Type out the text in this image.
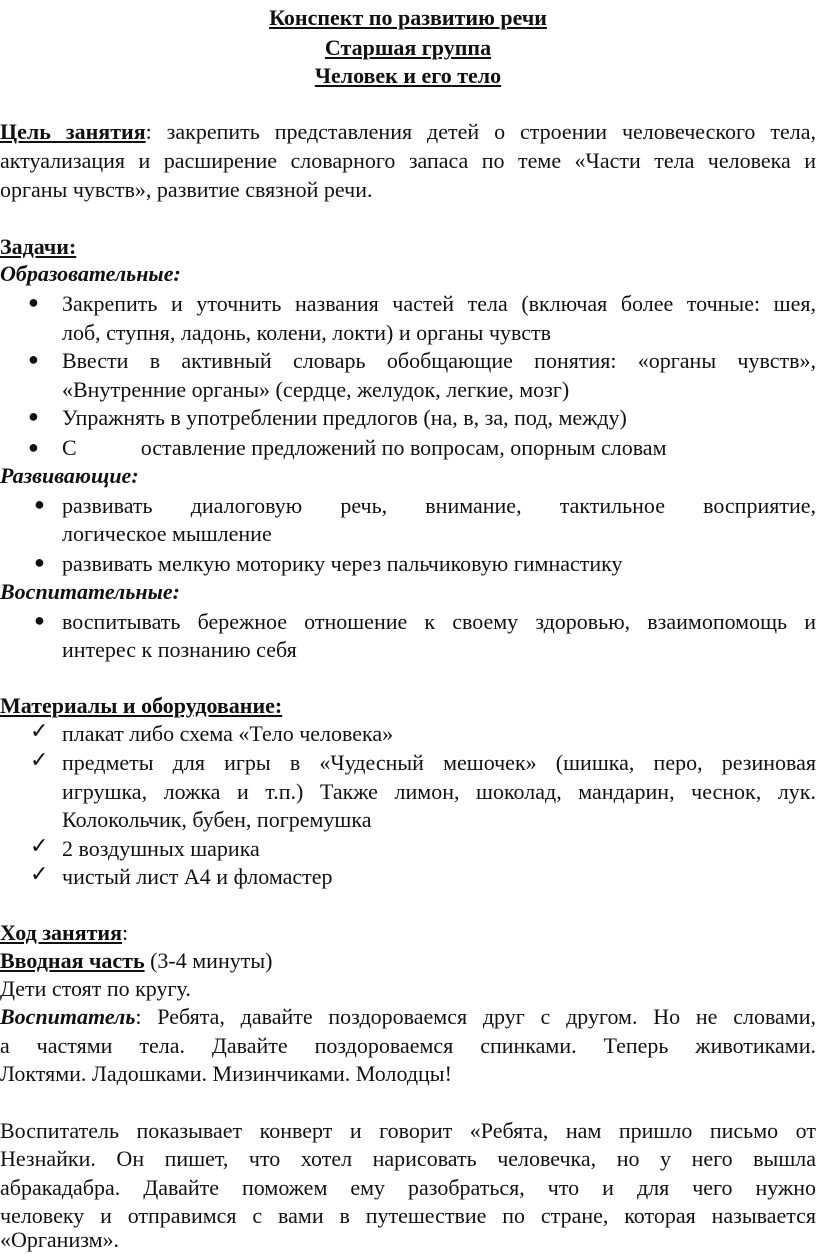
Конспект по развитию речи
Старшая группа
Человек и его тело
Цель занятия: закрепить представления детей о строении человеческого тела,
актуализация и расширение словарного запаса по теме «Части тела человека и
органы чувств», развитие связной речи.
Задачи:
Образовательные:
● Закрепить и уточнить названия частей тела (включая более точные: шея,
лоб, ступня, ладонь, колени, локти) и органы чувств
● Ввести в активный словарь обобщающие понятия: «органы чувств»,
«Внутренние органы» (сердце, желудок, легкие, мозг)
● Упражнять в употреблении предлогов (на, в, за, под, между)
● С	оставление предложений по вопросам, опорным словам
Развивающие:
● развивать диалоговую речь, внимание, тактильное восприятие,
логическое мышление
● развивать мелкую моторику через пальчиковую гимнастику
Воспитательные:
● воспитывать бережное отношение к своему здоровью, взаимопомощь и
интерес к познанию себя
Материалы и оборудование:
✓ плакат либо схема «Тело человека»
✓ предметы для игры в «Чудесный мешочек» (шишка, перо, резиновая
игрушка, ложка и т.п.) Также лимон, шоколад, мандарин, чеснок, лук.
Колокольчик, бубен, погремушка
✓ 2 воздушных шарика
✓ чистый лист А4 и фломастер
Ход занятия:
Вводная часть (3-4 минуты)
Дети стоят по кругу.
Воспитатель: Ребята, давайте поздороваемся друг с другом. Но не словами,
а частями тела. Давайте поздороваемся спинками. Теперь животиками.
Локтями. Ладошками. Мизинчиками. Молодцы!
Воспитатель показывает конверт и говорит «Ребята, нам пришло письмо от
Незнайки. Он пишет, что хотел нарисовать человечка, но у него вышла
абракадабра. Давайте поможем ему разобраться, что и для чего нужно
человеку и отправимся с вами в путешествие по стране, которая называется
«Организм».
